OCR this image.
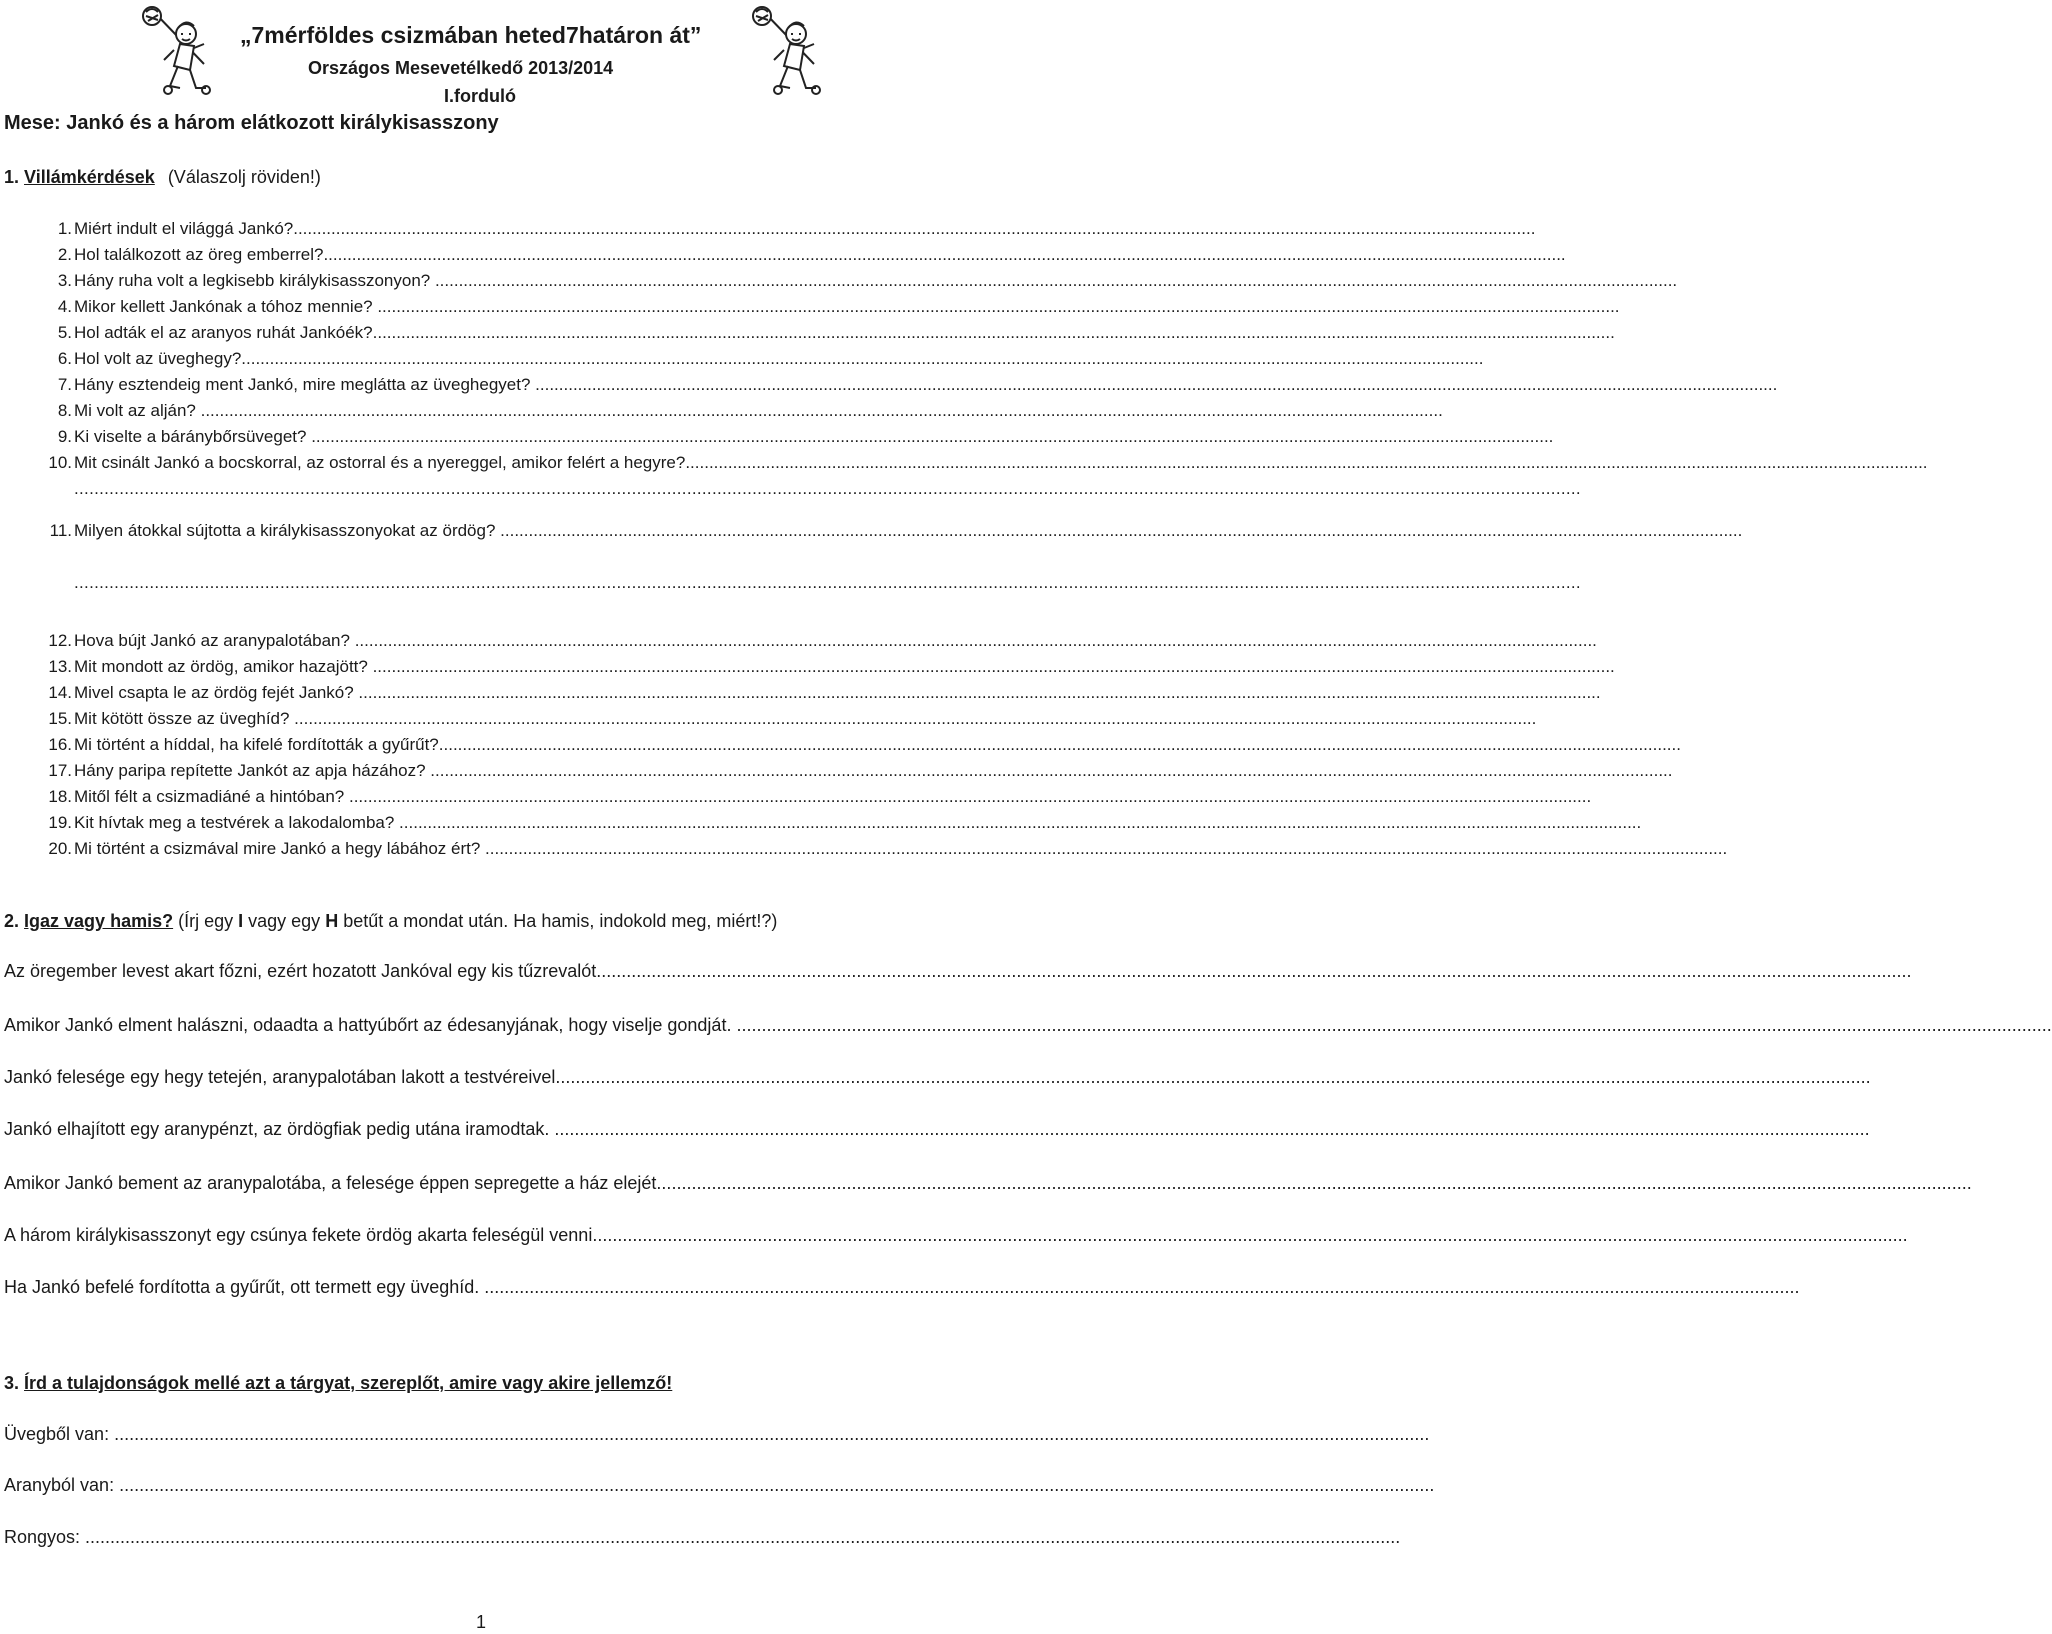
„7mérföldes csizmában heted7határon át”
Országos Mesevetélkedő 2013/2014
I.forduló
Mese: Jankó és a három elátkozott királykisasszony
1. Villámkérdések (Válaszolj röviden!)
1. Miért indult el világgá Jankó?.......................................................................................................................................................................................................................................................................
2. Hol találkozott az öreg emberrel?.......................................................................................................................................................................................................................................................................
3. Hány ruha volt a legkisebb királykisasszonyon? .......................................................................................................................................................................................................................................................................
4. Mikor kellett Jankónak a tóhoz mennie? .......................................................................................................................................................................................................................................................................
5. Hol adták el az aranyos ruhát Jankóék?.......................................................................................................................................................................................................................................................................
6. Hol volt az üveghegy?.......................................................................................................................................................................................................................................................................
7. Hány esztendeig ment Jankó, mire meglátta az üveghegyet? .......................................................................................................................................................................................................................................................................
8. Mi volt az alján? .......................................................................................................................................................................................................................................................................
9. Ki viselte a báránybőrsüveget? .......................................................................................................................................................................................................................................................................
10. Mit csinált Jankó a bocskorral, az ostorral és a nyereggel, amikor felért a hegyre?.......................................................................................................................................................................................................................................................................
11. Milyen átokkal sújtotta a királykisasszonyokat az ördög? .......................................................................................................................................................................................................................................................................
12. Hova bújt Jankó az aranypalotában? .......................................................................................................................................................................................................................................................................
13. Mit mondott az ördög, amikor hazajött? .......................................................................................................................................................................................................................................................................
14. Mivel csapta le az ördög fejét Jankó? .......................................................................................................................................................................................................................................................................
15. Mit kötött össze az üveghíd? .......................................................................................................................................................................................................................................................................
16. Mi történt a híddal, ha kifelé fordították a gyűrűt?.......................................................................................................................................................................................................................................................................
17. Hány paripa repítette Jankót az apja házához? .......................................................................................................................................................................................................................................................................
18. Mitől félt a csizmadiáné a hintóban? .......................................................................................................................................................................................................................................................................
19. Kit hívtak meg a testvérek a lakodalomba? .......................................................................................................................................................................................................................................................................
20. Mi történt a csizmával mire Jankó a hegy lábához ért? .......................................................................................................................................................................................................................................................................
............................................................................................................................................................................................................................................................................................................
............................................................................................................................................................................................................................................................................................................
2. Igaz vagy hamis? (Írj egy I vagy egy H betűt a mondat után. Ha hamis, indokold meg, miért!?)
Az öregember levest akart főzni, ezért hozatott Jankóval egy kis tűzrevalót.......................................................................................................................................................................................................................................................................
Amikor Jankó elment halászni, odaadta a hattyúbőrt az édesanyjának, hogy viselje gondját. .......................................................................................................................................................................................................................................................................
Jankó felesége egy hegy tetején, aranypalotában lakott a testvéreivel.......................................................................................................................................................................................................................................................................
Jankó elhajított egy aranypénzt, az ördögfiak pedig utána iramodtak. .......................................................................................................................................................................................................................................................................
Amikor Jankó bement az aranypalotába, a felesége éppen sepregette a ház elejét.......................................................................................................................................................................................................................................................................
A három királykisasszonyt egy csúnya fekete ördög akarta feleségül venni.......................................................................................................................................................................................................................................................................
Ha Jankó befelé fordította a gyűrűt, ott termett egy üveghíd. .......................................................................................................................................................................................................................................................................
3. Írd a tulajdonságok mellé azt a tárgyat, szereplőt, amire vagy akire jellemző!
Üvegből van: .......................................................................................................................................................................................................................................................................
Aranyból van: .......................................................................................................................................................................................................................................................................
Rongyos: .......................................................................................................................................................................................................................................................................
1
